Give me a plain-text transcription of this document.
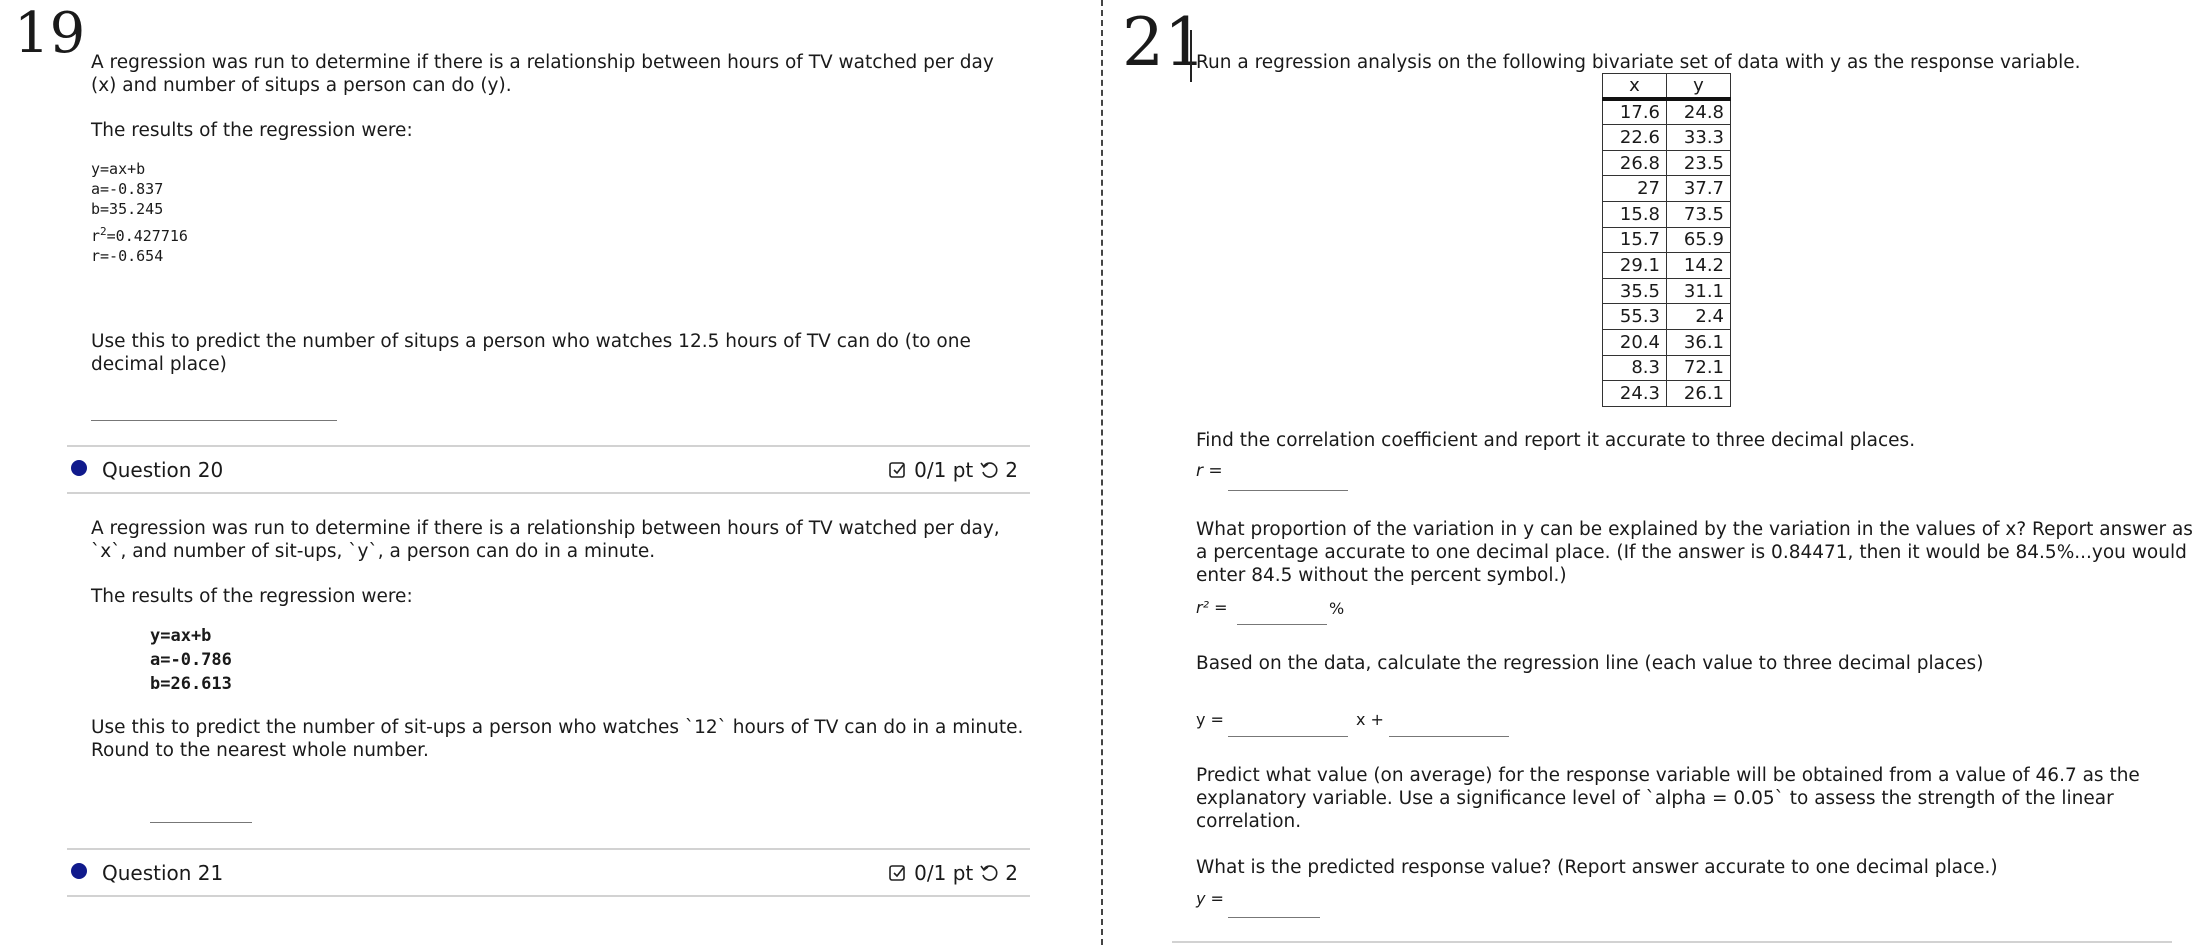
19 A regression was run to determine if there is a relationship between hours of TV watched per day (x) and number of situps a person can do (y).
The results of the regression were:
y=ax+b
a=-0.837
b=35.245
$r^2=0.427716$
r=-0.654
Use this to predict the number of situps a person who watches 12.5 hours of TV can do (to one decimal place)
Question 20	0/1 pt 2
A regression was run to determine if there is a relationship between hours of TV watched per day, `x`, and number of sit-ups, `y`, a person can do in a minute.
The results of the regression were:
y=ax+b
a=-0.786
b=26.613
Use this to predict the number of sit-ups a person who watches `12` hours of TV can do in a minute. Round to the nearest whole number.
Question 21	0/1 pt 2
21
Run a regression analysis on the following bivariate set of data with y as the response variable.
x	y
17.6	24.8
22.6	33.3
26.8	23.5
27	37.7
15.8	73.5
15.7	65.9
29.1	14.2
35.5	31.1
55.3	2.4
20.4	36.1
8.3	72.1
24.3	26.1
Find the correlation coefficient and report it accurate to three decimal places.
r =
What proportion of the variation in y can be explained by the variation in the values of x? Report answer as a percentage accurate to one decimal place. (If the answer is 0.84471, then it would be 84.5%...you would enter 84.5 without the percent symbol.)
r² =	%
Based on the data, calculate the regression line (each value to three decimal places)
y =	x +
Predict what value (on average) for the response variable will be obtained from a value of 46.7 as the explanatory variable. Use a significance level of `alpha = 0.05` to assess the strength of the linear correlation.
What is the predicted response value? (Report answer accurate to one decimal place.)
y =
